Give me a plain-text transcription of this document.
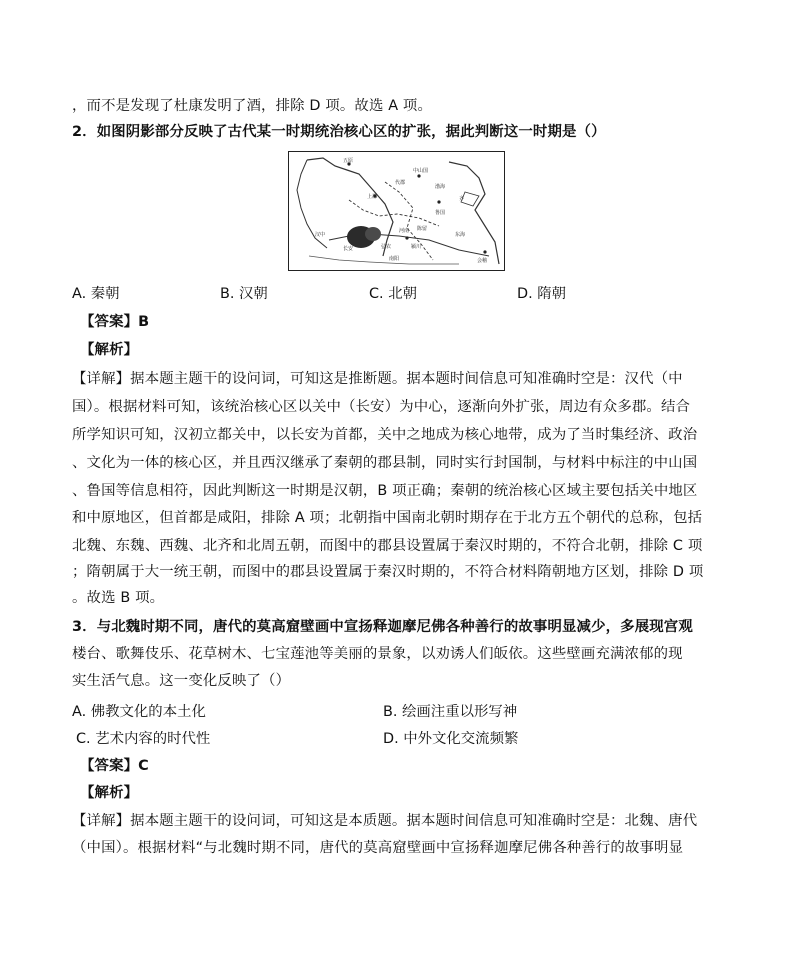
，而不是发现了杜康发明了酒，排除 D 项。故选 A 项。
2．如图阴影部分反映了古代某一时期统治核心区的扩张，据此判断这一时期是（）
五原
上郡
中山国
长安
鲁国
齐
弘农
河南 陈留
颍川
南阳
汉中
代郡
渤海
东海
会稽
A. 秦朝	B. 汉朝	C. 北朝	D. 隋朝
【答案】B
【解析】
【详解】据本题主题干的设问词，可知这是推断题。据本题时间信息可知准确时空是：汉代（中
国）。根据材料可知，该统治核心区以关中（长安）为中心，逐渐向外扩张，周边有众多郡。结合
所学知识可知，汉初立都关中，以长安为首都，关中之地成为核心地带，成为了当时集经济、政治
、文化为一体的核心区，并且西汉继承了秦朝的郡县制，同时实行封国制，与材料中标注的中山国
、鲁国等信息相符，因此判断这一时期是汉朝，B 项正确；秦朝的统治核心区域主要包括关中地区
和中原地区，但首都是咸阳，排除 A 项；北朝指中国南北朝时期存在于北方五个朝代的总称，包括
北魏、东魏、西魏、北齐和北周五朝，而图中的郡县设置属于秦汉时期的，不符合北朝，排除 C 项
；隋朝属于大一统王朝，而图中的郡县设置属于秦汉时期的，不符合材料隋朝地方区划，排除 D 项
。故选 B 项。
3．与北魏时期不同，唐代的莫高窟壁画中宣扬释迦摩尼佛各种善行的故事明显减少，多展现宫观
楼台、歌舞伎乐、花草树木、七宝莲池等美丽的景象，以劝诱人们皈依。这些壁画充满浓郁的现
实生活气息。这一变化反映了（）
A. 佛教文化的本土化	B. 绘画注重以形写神
C. 艺术内容的时代性	D. 中外文化交流频繁
【答案】C
【解析】
【详解】据本题主题干的设问词，可知这是本质题。据本题时间信息可知准确时空是：北魏、唐代
（中国）。根据材料“与北魏时期不同，唐代的莫高窟壁画中宣扬释迦摩尼佛各种善行的故事明显
